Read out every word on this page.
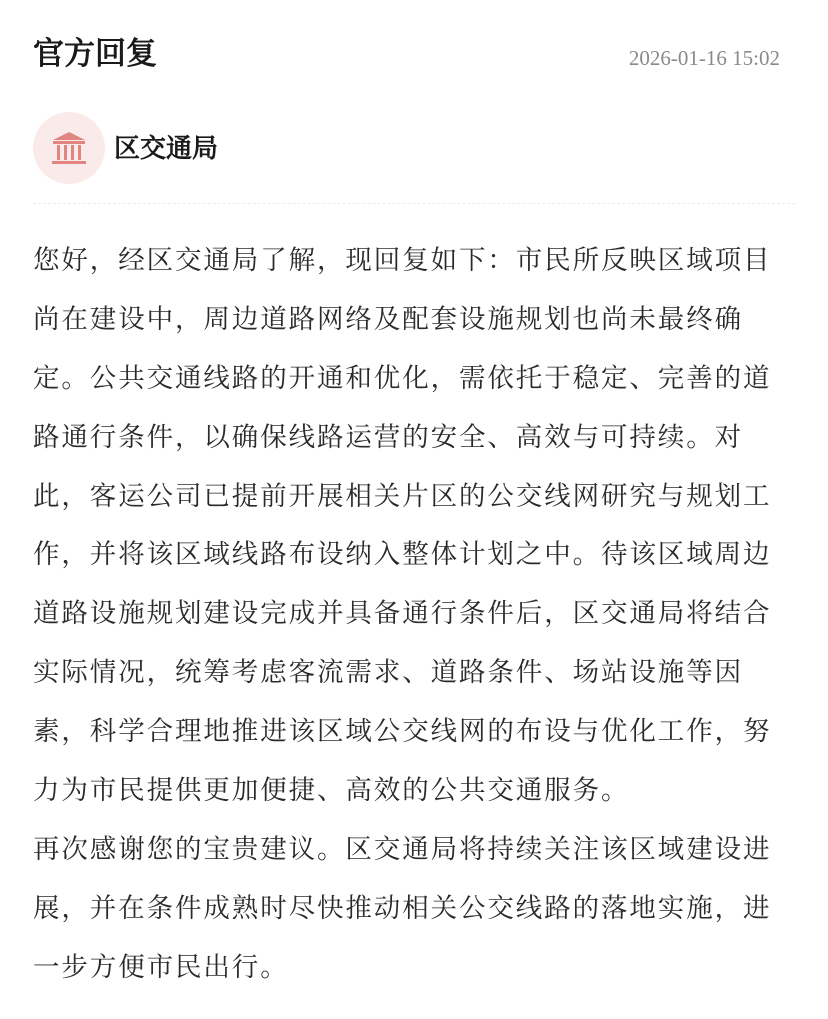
官方回复	2026-01-16 15:02
区交通局
您好，经区交通局了解，现回复如下：市民所反映区域项目
尚在建设中，周边道路网络及配套设施规划也尚未最终确
定。公共交通线路的开通和优化，需依托于稳定、完善的道
路通行条件，以确保线路运营的安全、高效与可持续。对
此，客运公司已提前开展相关片区的公交线网研究与规划工
作，并将该区域线路布设纳入整体计划之中。待该区域周边
道路设施规划建设完成并具备通行条件后，区交通局将结合
实际情况，统筹考虑客流需求、道路条件、场站设施等因
素，科学合理地推进该区域公交线网的布设与优化工作，努
力为市民提供更加便捷、高效的公共交通服务。
再次感谢您的宝贵建议。区交通局将持续关注该区域建设进
展，并在条件成熟时尽快推动相关公交线路的落地实施，进
一步方便市民出行。
